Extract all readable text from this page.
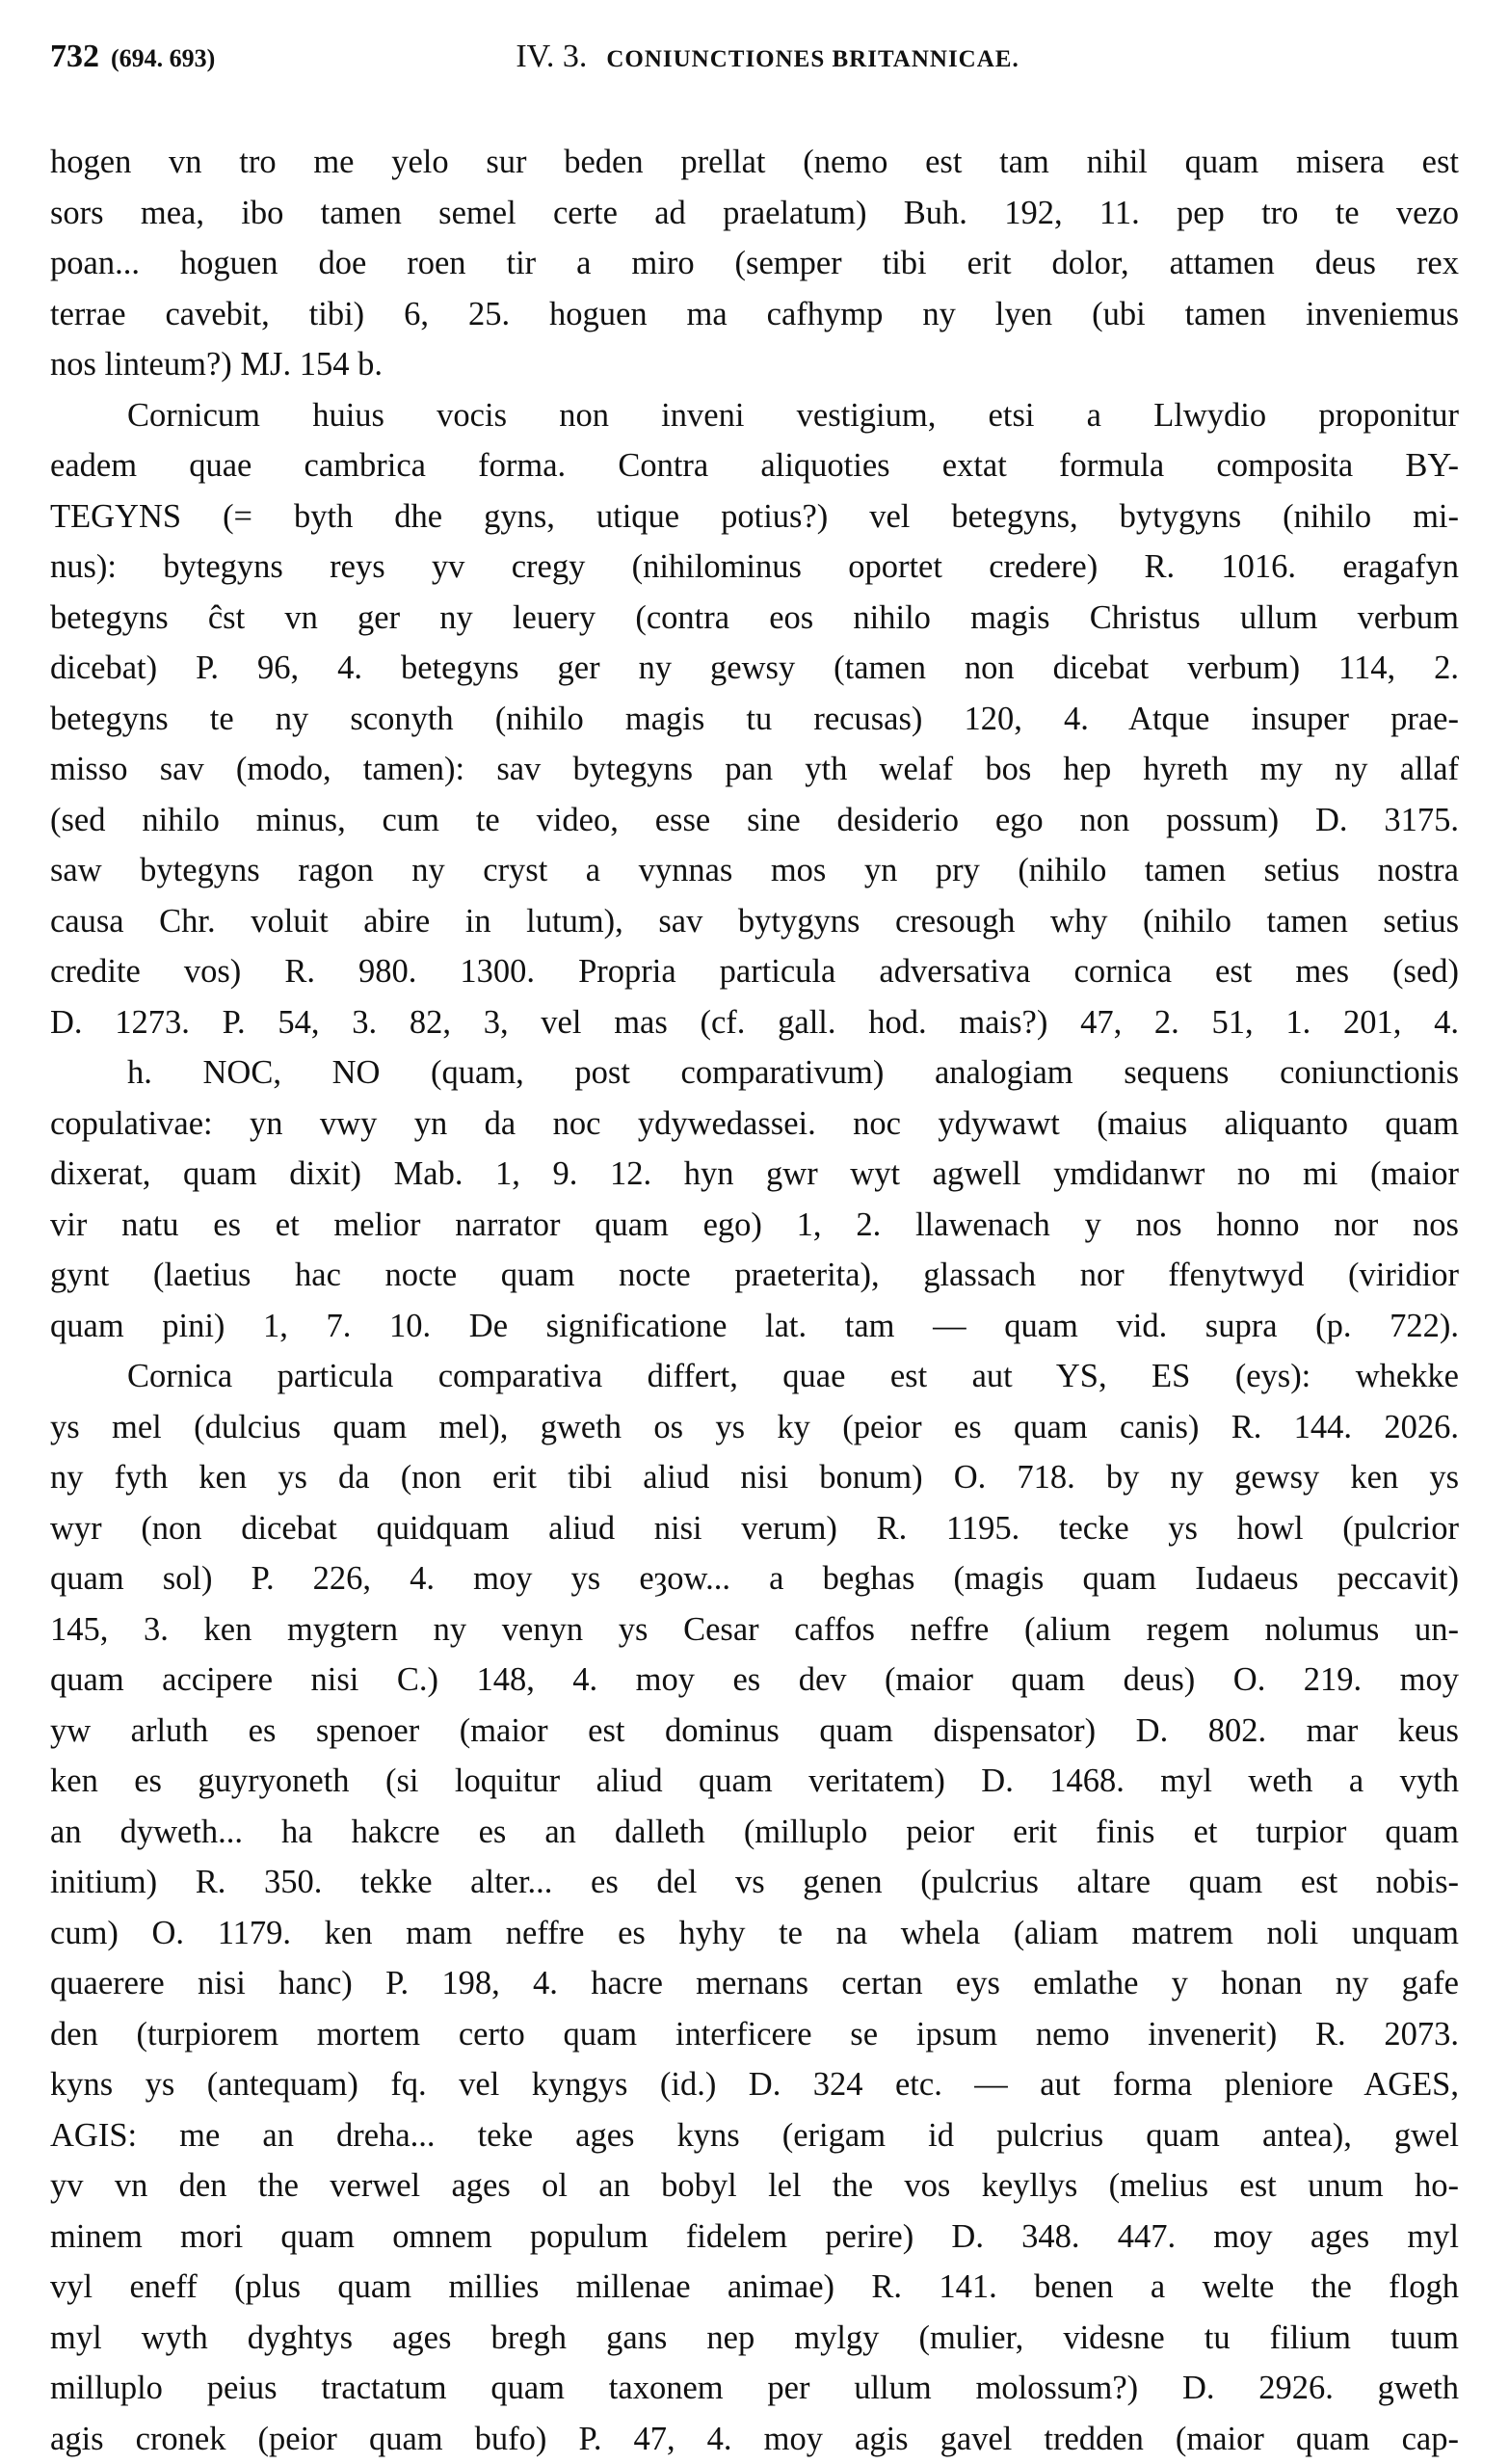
732 (694. 693)	IV. 3. CONIUNCTIONES BRITANNICAE.
hogen vn tro me yelo sur beden prellat (nemo est tam nihil quam misera est
sors mea, ibo tamen semel certe ad praelatum) Buh. 192, 11. pep tro te vezo
poan... hoguen doe roen tir a miro (semper tibi erit dolor, attamen deus rex
terrae cavebit, tibi) 6, 25. hoguen ma cafhymp ny lyen (ubi tamen inveniemus
nos linteum?) MJ. 154 b.
Cornicum huius vocis non inveni vestigium, etsi a Llwydio proponitur
eadem quae cambrica forma. Contra aliquoties extat formula composita BY-
TEGYNS (= byth dhe gyns, utique potius?) vel betegyns, bytygyns (nihilo mi-
nus): bytegyns reys yv cregy (nihilominus oportet credere) R. 1016. eragafyn
betegyns ĉst vn ger ny leuery (contra eos nihilo magis Christus ullum verbum
dicebat) P. 96, 4. betegyns ger ny gewsy (tamen non dicebat verbum) 114, 2.
betegyns te ny sconyth (nihilo magis tu recusas) 120, 4. Atque insuper prae-
misso sav (modo, tamen): sav bytegyns pan yth welaf bos hep hyreth my ny allaf
(sed nihilo minus, cum te video, esse sine desiderio ego non possum) D. 3175.
saw bytegyns ragon ny cryst a vynnas mos yn pry (nihilo tamen setius nostra
causa Chr. voluit abire in lutum), sav bytygyns cresough why (nihilo tamen setius
credite vos) R. 980. 1300. Propria particula adversativa cornica est mes (sed)
D. 1273. P. 54, 3. 82, 3, vel mas (cf. gall. hod. mais?) 47, 2. 51, 1. 201, 4.
h. NOC, NO (quam, post comparativum) analogiam sequens coniunctionis
copulativae: yn vwy yn da noc ydywedassei. noc ydywawt (maius aliquanto quam
dixerat, quam dixit) Mab. 1, 9. 12. hyn gwr wyt agwell ymdidanwr no mi (maior
vir natu es et melior narrator quam ego) 1, 2. llawenach y nos honno nor nos
gynt (laetius hac nocte quam nocte praeterita), glassach nor ffenytwyd (viridior
quam pini) 1, 7. 10. De significatione lat. tam — quam vid. supra (p. 722).
Cornica particula comparativa differt, quae est aut YS, ES (eys): whekke
ys mel (dulcius quam mel), gweth os ys ky (peior es quam canis) R. 144. 2026.
ny fyth ken ys da (non erit tibi aliud nisi bonum) O. 718. by ny gewsy ken ys
wyr (non dicebat quidquam aliud nisi verum) R. 1195. tecke ys howl (pulcrior
quam sol) P. 226, 4. moy ys eȝow... a beghas (magis quam Iudaeus peccavit)
145, 3. ken mygtern ny venyn ys Cesar caffos neffre (alium regem nolumus un-
quam accipere nisi C.) 148, 4. moy es dev (maior quam deus) O. 219. moy
yw arluth es spenoer (maior est dominus quam dispensator) D. 802. mar keus
ken es guyryoneth (si loquitur aliud quam veritatem) D. 1468. myl weth a vyth
an dyweth... ha hakcre es an dalleth (milluplo peior erit finis et turpior quam
initium) R. 350. tekke alter... es del vs genen (pulcrius altare quam est nobis-
cum) O. 1179. ken mam neffre es hyhy te na whela (aliam matrem noli unquam
quaerere nisi hanc) P. 198, 4. hacre mernans certan eys emlathe y honan ny gafe
den (turpiorem mortem certo quam interficere se ipsum nemo invenerit) R. 2073.
kyns ys (antequam) fq. vel kyngys (id.) D. 324 etc. — aut forma pleniore AGES,
AGIS: me an dreha... teke ages kyns (erigam id pulcrius quam antea), gwel
yv vn den the verwel ages ol an bobyl lel the vos keyllys (melius est unum ho-
minem mori quam omnem populum fidelem perire) D. 348. 447. moy ages myl
vyl eneff (plus quam millies millenae animae) R. 141. benen a welte the flogh
myl wyth dyghtys ages bregh gans nep mylgy (mulier, videsne tu filium tuum
milluplo peius tractatum quam taxonem per ullum molossum?) D. 2926. gweth
agis cronek (peior quam bufo) P. 47, 4. moy agis gavel tredden (maior quam cap-
